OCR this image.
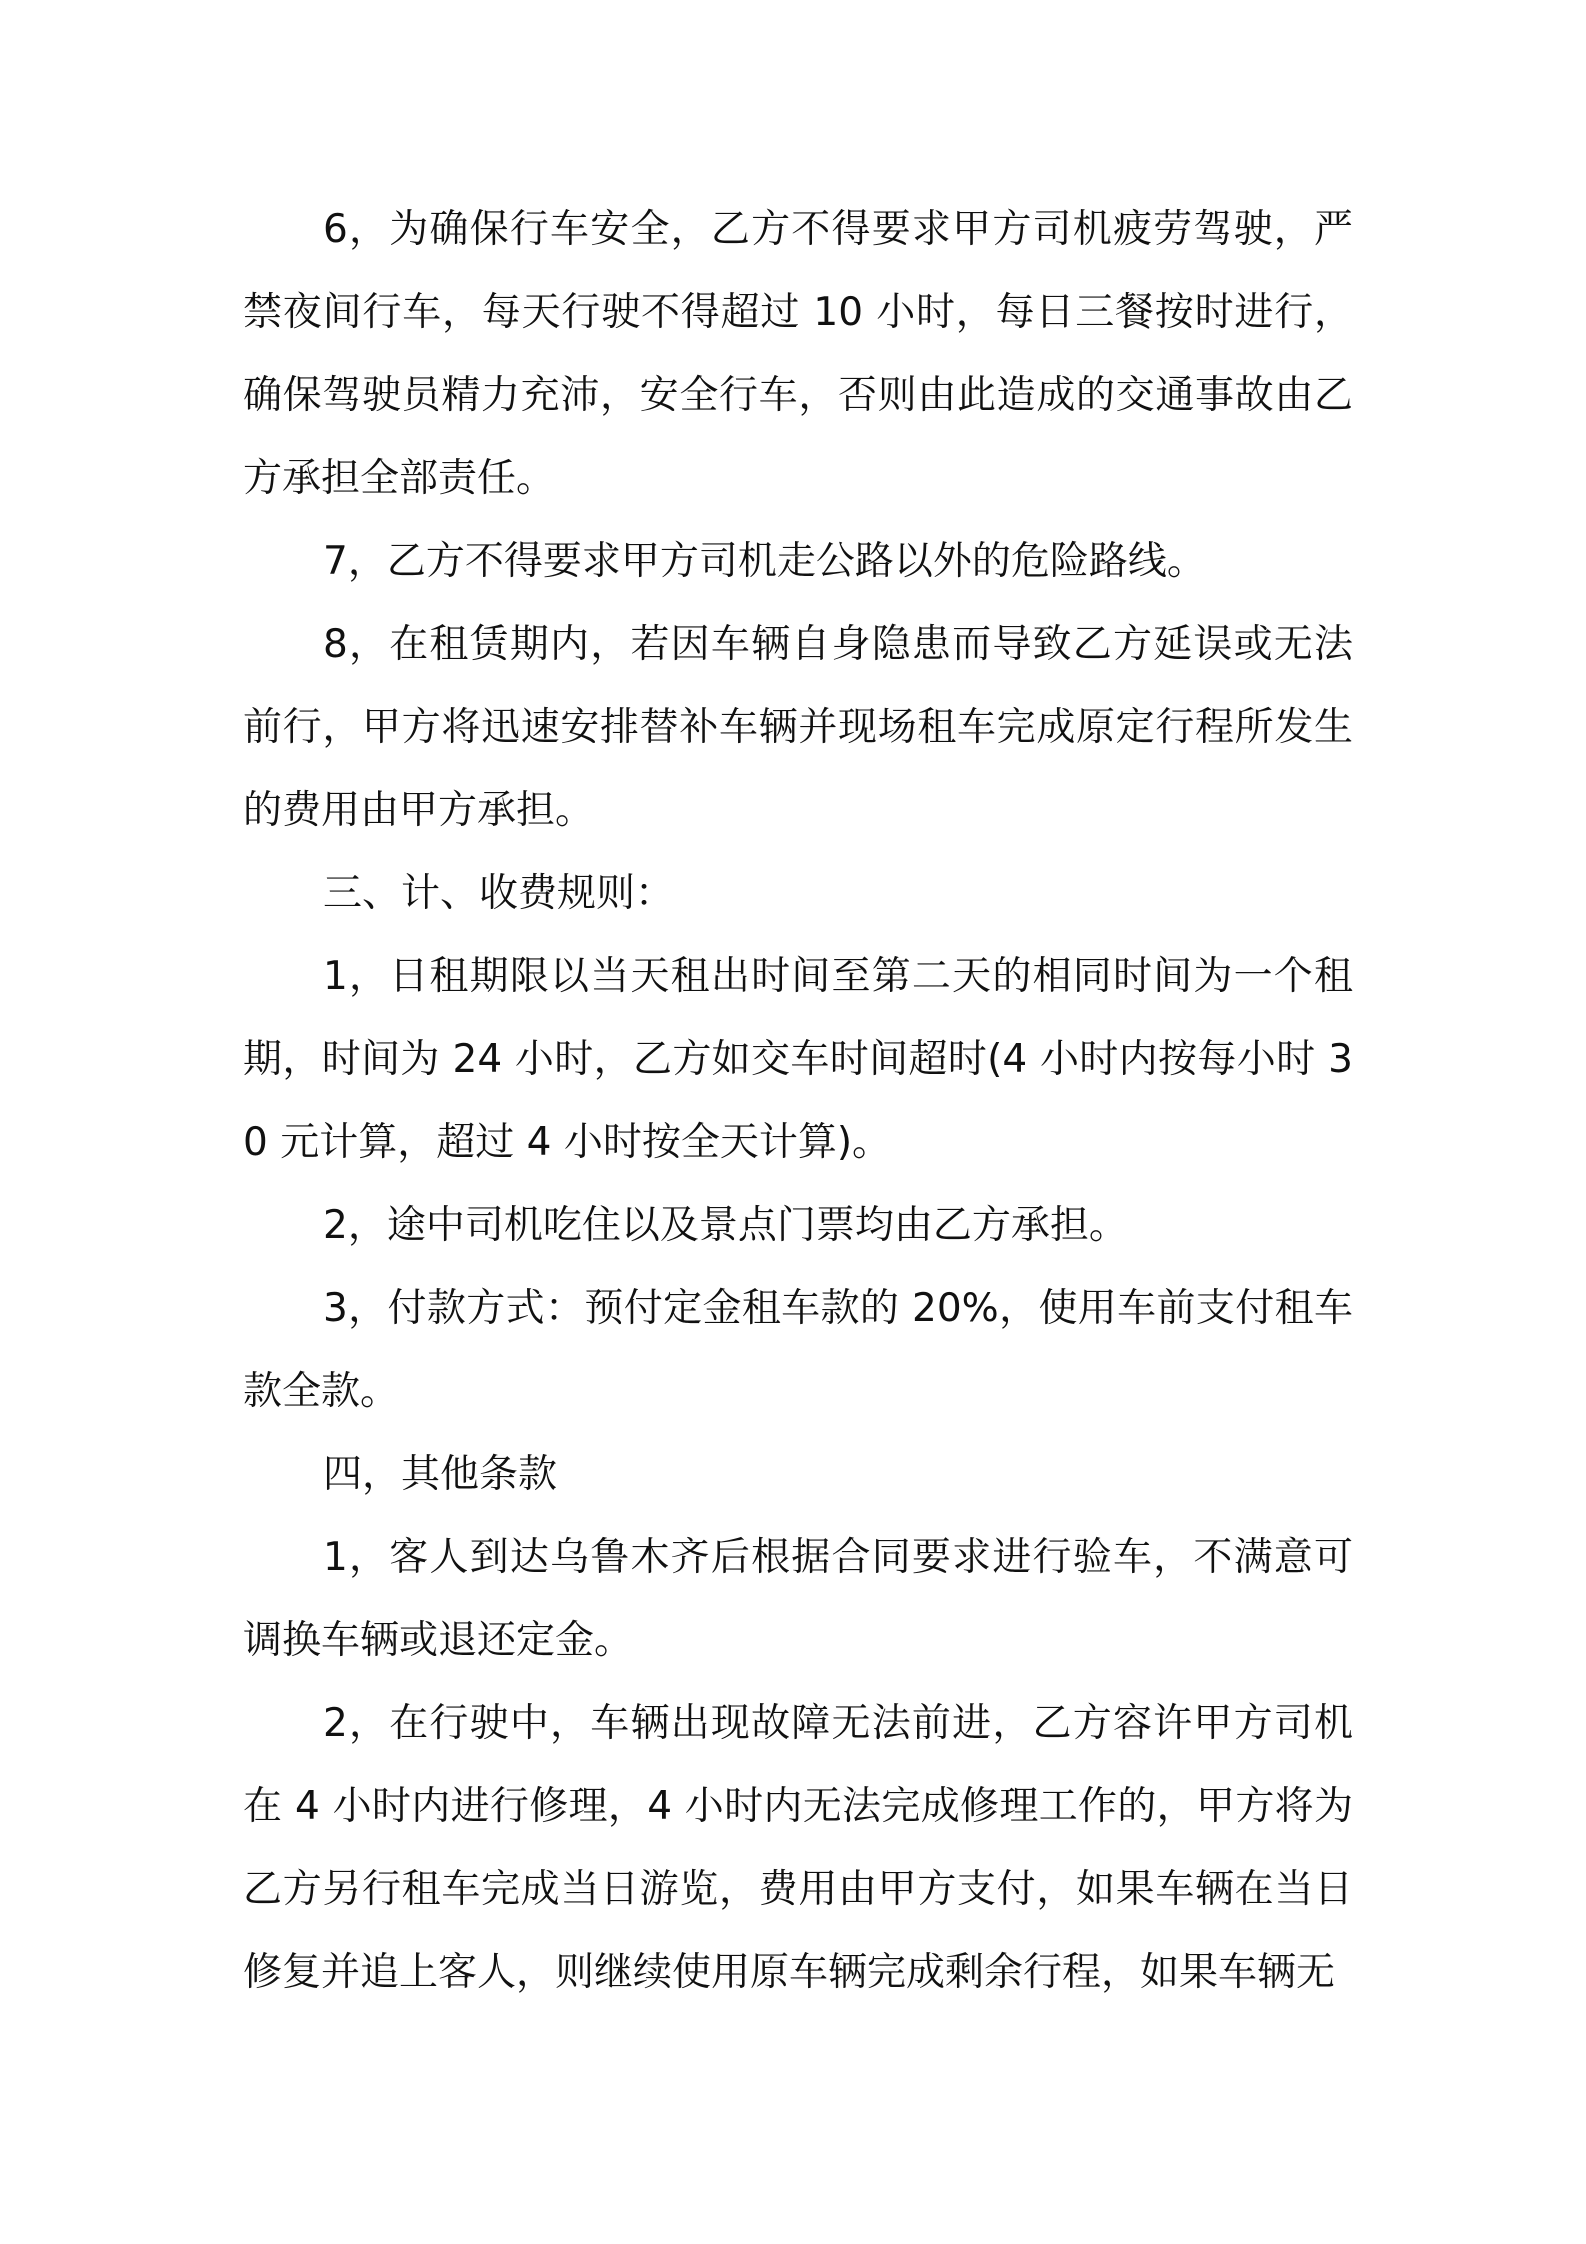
6，为确保行车安全，乙方不得要求甲方司机疲劳驾驶，严禁夜间行车，每天行驶不得超过 10 小时，每日三餐按时进行，确保驾驶员精力充沛，安全行车，否则由此造成的交通事故由乙方承担全部责任。

7，乙方不得要求甲方司机走公路以外的危险路线。

8，在租赁期内，若因车辆自身隐患而导致乙方延误或无法前行，甲方将迅速安排替补车辆并现场租车完成原定行程所发生的费用由甲方承担。

三、计、收费规则：

1，日租期限以当天租出时间至第二天的相同时间为一个租期，时间为 24 小时，乙方如交车时间超时(4 小时内按每小时 30 元计算，超过 4 小时按全天计算)。

2，途中司机吃住以及景点门票均由乙方承担。

3，付款方式：预付定金租车款的 20%，使用车前支付租车款全款。

四，其他条款

1，客人到达乌鲁木齐后根据合同要求进行验车，不满意可调换车辆或退还定金。

2，在行驶中，车辆出现故障无法前进，乙方容许甲方司机在 4 小时内进行修理，4 小时内无法完成修理工作的，甲方将为乙方另行租车完成当日游览，费用由甲方支付，如果车辆在当日修复并追上客人，则继续使用原车辆完成剩余行程，如果车辆无
